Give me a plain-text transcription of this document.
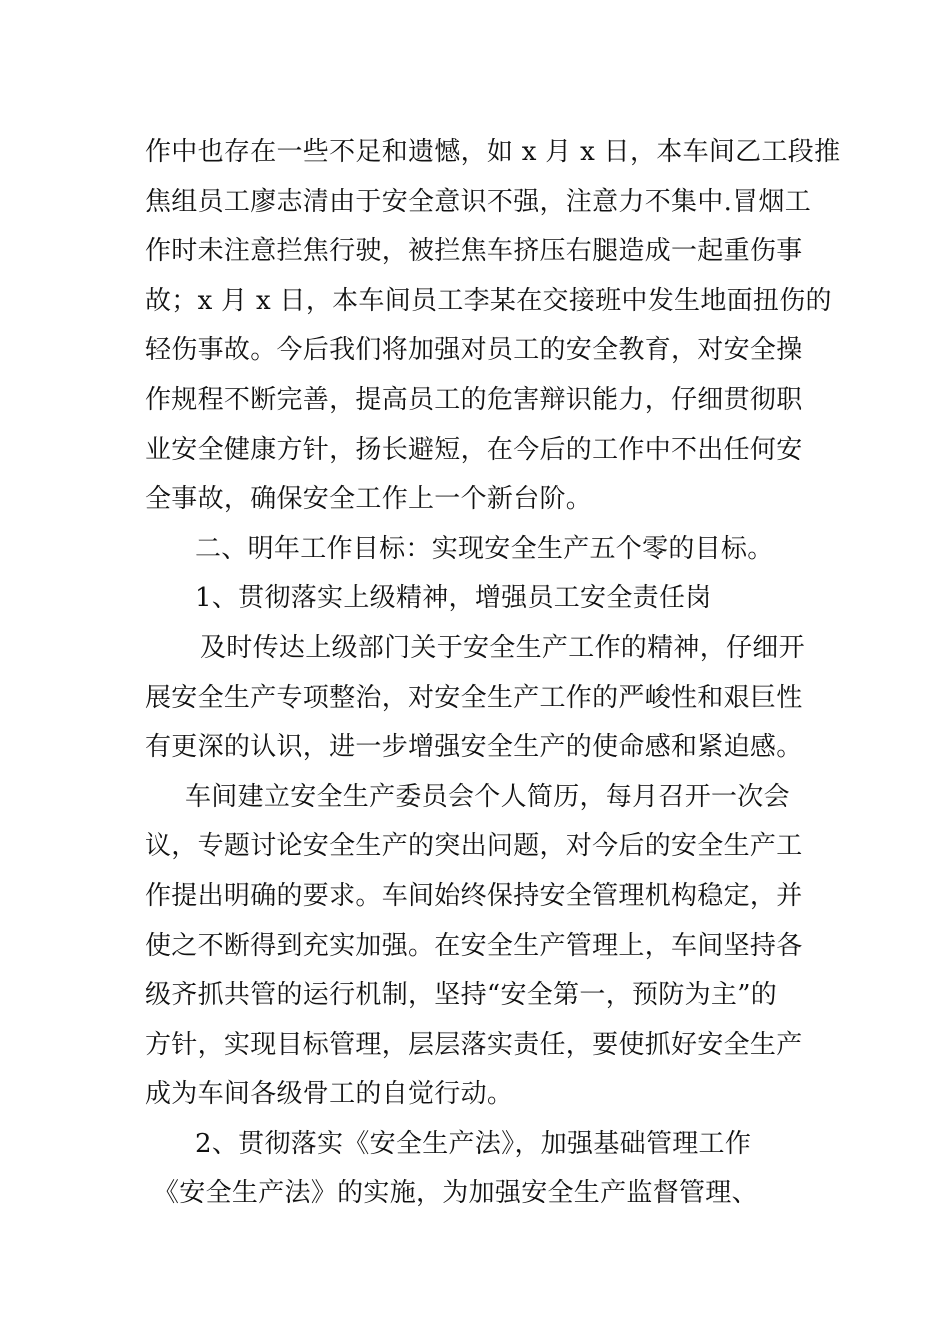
作中也存在一些不足和遗憾，如 x 月 x 日，本车间乙工段推
焦组员工廖志清由于安全意识不强，注意力不集中.冒烟工
作时未注意拦焦行驶，被拦焦车挤压右腿造成一起重伤事
故；x 月 x 日，本车间员工李某在交接班中发生地面扭伤的
轻伤事故。今后我们将加强对员工的安全教育，对安全操
作规程不断完善，提高员工的危害辩识能力，仔细贯彻职
业安全健康方针，扬长避短，在今后的工作中不出任何安
全事故，确保安全工作上一个新台阶。
二、明年工作目标：实现安全生产五个零的目标。
1、贯彻落实上级精神，增强员工安全责任岗
及时传达上级部门关于安全生产工作的精神，仔细开
展安全生产专项整治，对安全生产工作的严峻性和艰巨性
有更深的认识，进一步增强安全生产的使命感和紧迫感。
车间建立安全生产委员会个人简历，每月召开一次会
议，专题讨论安全生产的突出问题，对今后的安全生产工
作提出明确的要求。车间始终保持安全管理机构稳定，并
使之不断得到充实加强。在安全生产管理上，车间坚持各
级齐抓共管的运行机制，坚持“安全第一，预防为主”的
方针，实现目标管理，层层落实责任，要使抓好安全生产
成为车间各级骨工的自觉行动。
2、贯彻落实《安全生产法》，加强基础管理工作
《安全生产法》的实施，为加强安全生产监督管理、
